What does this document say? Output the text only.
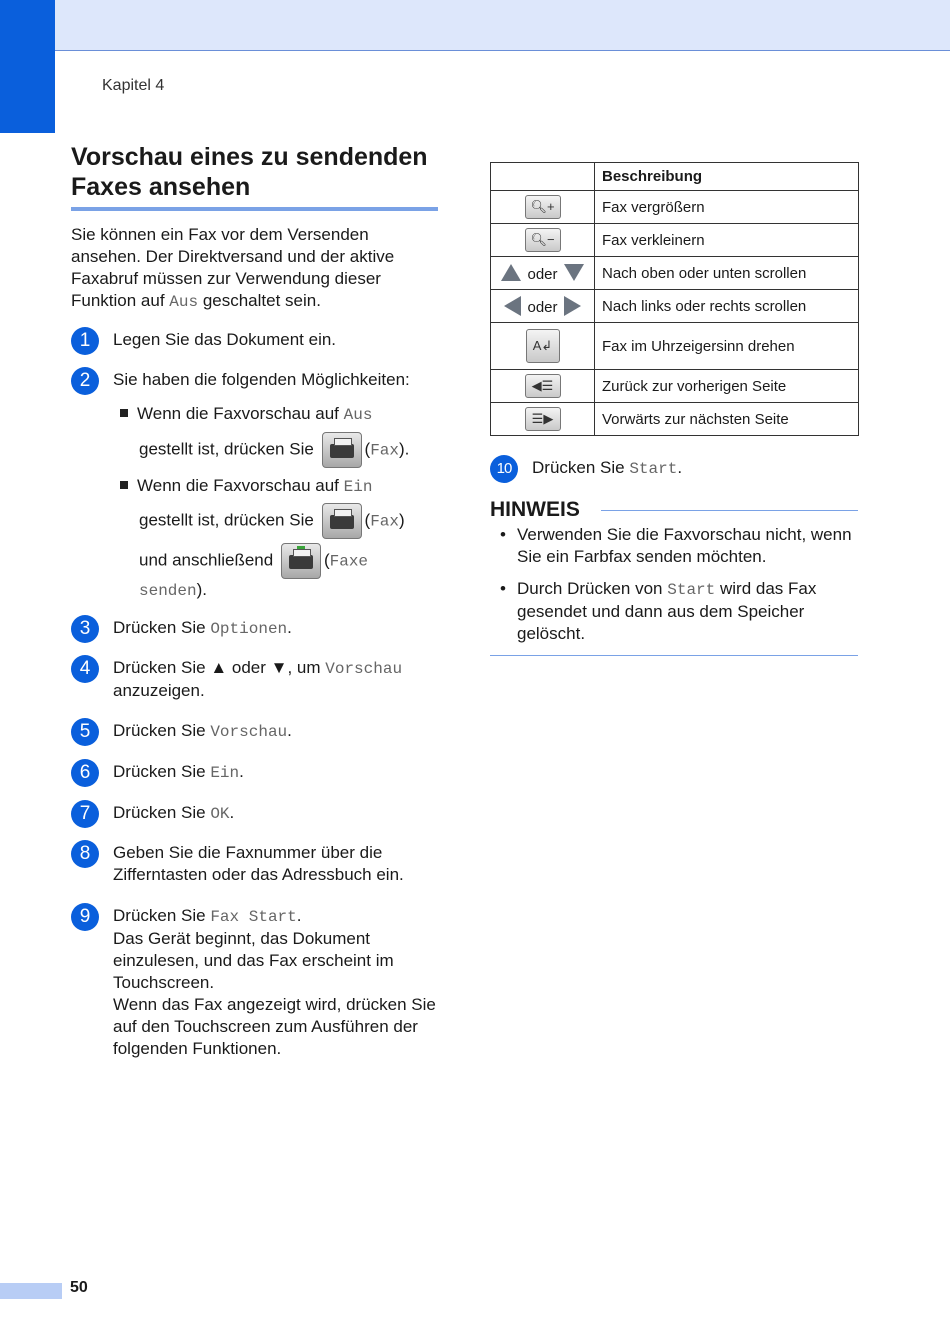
Kapitel 4
Vorschau eines zu sendenden Faxes ansehen
Sie können ein Fax vor dem Versenden ansehen. Der Direktversand und der aktive Faxabruf müssen zur Verwendung dieser Funktion auf Aus geschaltet sein.
1	Legen Sie das Dokument ein.
2	Sie haben die folgenden Möglichkeiten:
Wenn die Faxvorschau auf Aus
gestellt ist, drücken Sie	(Fax).
Wenn die Faxvorschau auf Ein
gestellt ist, drücken Sie	(Fax)
und anschließend	(Faxe
senden).
3	Drücken Sie Optionen.
4	Drücken Sie ▲ oder ▼, um Vorschau
anzuzeigen.
5	Drücken Sie Vorschau.
6	Drücken Sie Ein.
7	Drücken Sie OK.
8	Geben Sie die Faxnummer über die Zifferntasten oder das Adressbuch ein.
9	Drücken Sie Fax Start.
Das Gerät beginnt, das Dokument einzulesen, und das Fax erscheint im Touchscreen.
Wenn das Fax angezeigt wird, drücken Sie auf den Touchscreen zum Ausführen der folgenden Funktionen.
	Beschreibung
🔍︎+	Fax vergrößern
🔍︎−	Fax verkleinern
oder	Nach oben oder unten scrollen
oder	Nach links oder rechts scrollen
A↲	Fax im Uhrzeigersinn drehen
◀☰	Zurück zur vorherigen Seite
☰▶	Vorwärts zur nächsten Seite
10	Drücken Sie Start.
HINWEIS
• Verwenden Sie die Faxvorschau nicht, wenn Sie ein Farbfax senden möchten.
• Durch Drücken von Start wird das Fax gesendet und dann aus dem Speicher gelöscht.
50
